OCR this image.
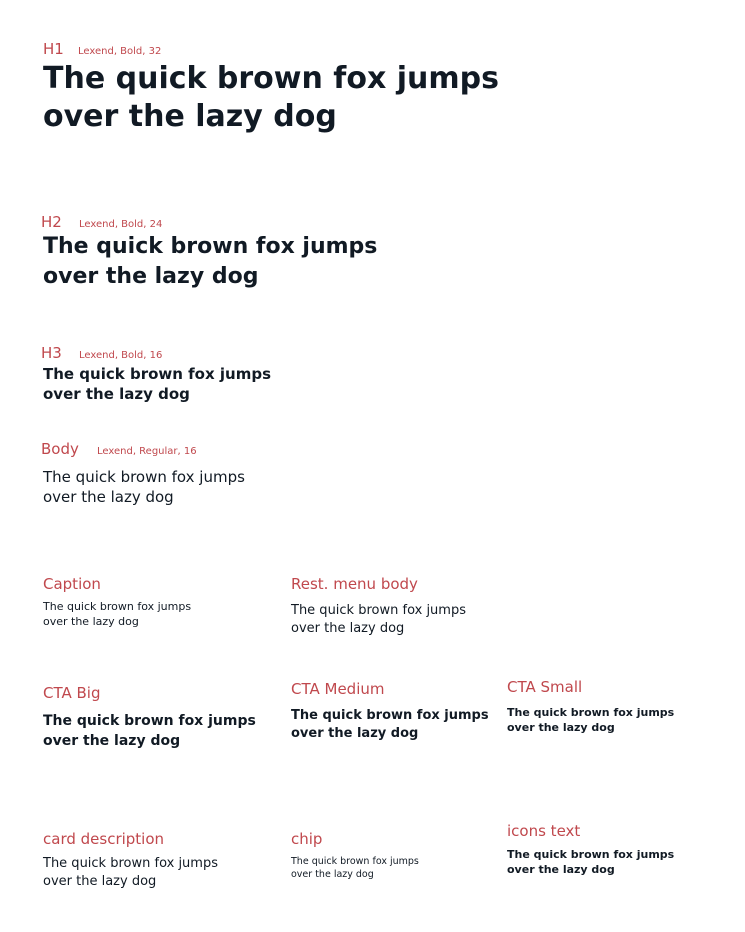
H1 Lexend, Bold, 32

The quick brown fox jumps
over the lazy dog

H2 Lexend, Bold, 24

The quick brown fox jumps
over the lazy dog

H3 Lexend, Bold, 16

The quick brown fox jumps
over the lazy dog

Body Lexend, Regular, 16

The quick brown fox jumps
over the lazy dog

Caption

The quick brown fox jumps
over the lazy dog

Rest. menu body

The quick brown fox jumps
over the lazy dog

CTA Big

The quick brown fox jumps
over the lazy dog

CTA Medium

The quick brown fox jumps
over the lazy dog

CTA Small

The quick brown fox jumps
over the lazy dog

card description

The quick brown fox jumps
over the lazy dog

chip

The quick brown fox jumps
over the lazy dog

icons text

The quick brown fox jumps
over the lazy dog
